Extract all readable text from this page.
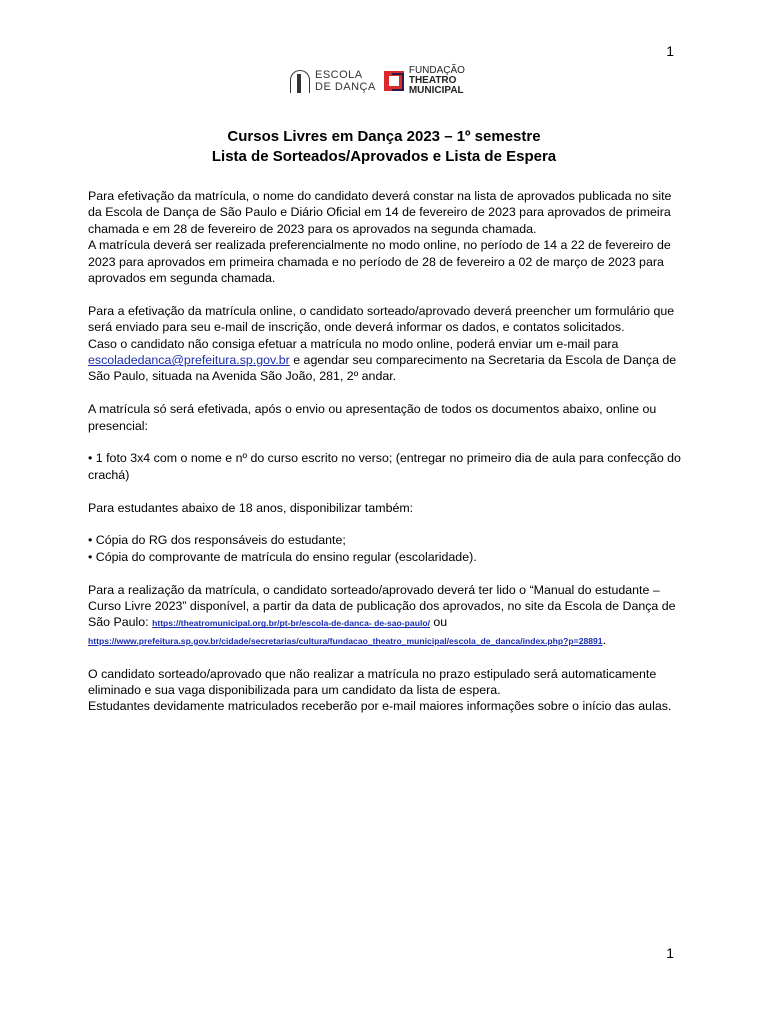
1
ESCOLA
DE DANÇA
FUNDAÇÃO
THEATRO
MUNICIPAL
Cursos Livres em Dança 2023 – 1º semestre
Lista de Sorteados/Aprovados e Lista de Espera

Para efetivação da matrícula, o nome do candidato deverá constar na lista de aprovados publicada no site da Escola de Dança de São Paulo e Diário Oficial em 14 de fevereiro de 2023 para aprovados de primeira chamada e em 28 de fevereiro de 2023 para os aprovados na segunda chamada.

A matrícula deverá ser realizada preferencialmente no modo online, no período de 14 a 22 de fevereiro de 2023 para aprovados em primeira chamada e no período de 28 de fevereiro a 02 de março de 2023 para aprovados em segunda chamada.

Para a efetivação da matrícula online, o candidato sorteado/aprovado deverá preencher um formulário que será enviado para seu e-mail de inscrição, onde deverá informar os dados, e contatos solicitados.

Caso o candidato não consiga efetuar a matrícula no modo online, poderá enviar um e-mail para
escoladedanca@prefeitura.sp.gov.br e agendar seu comparecimento na Secretaria da Escola de Dança de São Paulo, situada na Avenida São João, 281, 2º andar.

A matrícula só será efetivada, após o envio ou apresentação de todos os documentos abaixo, online ou presencial:

• 1 foto 3x4 com o nome e nº do curso escrito no verso; (entregar no primeiro dia de aula para confecção do crachá)

Para estudantes abaixo de 18 anos, disponibilizar também:

• Cópia do RG dos responsáveis do estudante;

• Cópia do comprovante de matrícula do ensino regular (escolaridade).

Para a realização da matrícula, o candidato sorteado/aprovado deverá ter lido o “Manual do estudante – Curso Livre 2023” disponível, a partir da data de publicação dos aprovados, no site da Escola de Dança de São Paulo: https://theatromunicipal.org.br/pt-br/escola-de-danca- de-sao-paulo/ ou
https://www.prefeitura.sp.gov.br/cidade/secretarias/cultura/fundacao_theatro_municipal/escola_de_danca/index.php?p=28891.

O candidato sorteado/aprovado que não realizar a matrícula no prazo estipulado será automaticamente eliminado e sua vaga disponibilizada para um candidato da lista de espera.

Estudantes devidamente matriculados receberão por e-mail maiores informações sobre o início das aulas.

1
